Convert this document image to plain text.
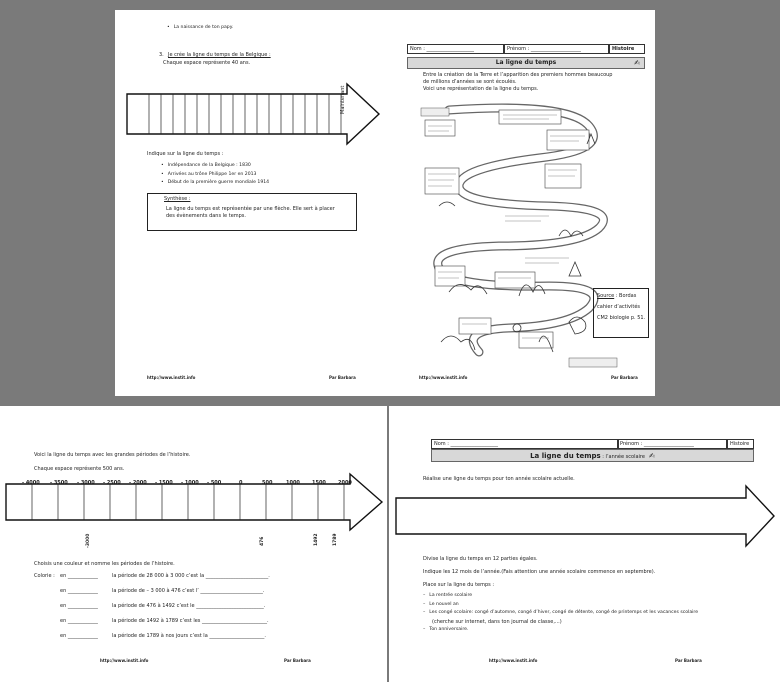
• La naissance de ton papy.
3. Je crée la ligne du temps de la Belgique :
Chaque espace représente 40 ans.
Maintenant
Indique sur la ligne du temps :
• Indépendance de la Belgique : 1830
• Arrivées au trône Philippe 1er en 2013
• Début de la première guerre mondiale 1914
Synthèse :
La ligne du temps est représentée par une flèche. Elle sert à placer
des évènements dans le temps.
http://www.instit.info	Par Barbara
Nom : ___________________	Prénom : ____________________	Histoire
La ligne du temps	✍
Entre la création de la Terre et l’apparition des premiers hommes beaucoup
de millions d’années se sont écoulés.
Voici une représentation de la ligne du temps.
Source : Bordas
cahier d’activités
CM2 biologie p. 51.
http://www.instit.info	Par Barbara
Voici la ligne du temps avec les grandes périodes de l’histoire.
Chaque espace représente 500 ans.
- 4000 - 3500 - 3000 - 2500 - 2000 - 1500 - 1000 - 500	0	500	1000 1500 2000
-3000	476	1492	1789
Choisis une couleur et nomme les périodes de l’histoire.
Colorie : en ____________	la période de 28 000 à 3 000 c’est la _________________________.
en ____________	la période de – 3 000 à 476 c’est l’ _________________________.
en ____________	la période de 476 à 1492 c’est le ___________________________.
en ____________	la période de 1492 à 1789 c’est les __________________________.
en ____________	la période de 1789 à nos jours c’est la ______________________.
http://www.instit.info	Par Barbara
Nom : ___________________	Prénom : ____________________	Histoire
La ligne du temps : l’année scolaire ✍
Réalise une ligne du temps pour ton année scolaire actuelle.
Divise la ligne du temps en 12 parties égales.
Indique les 12 mois de l’année.(Fais attention une année scolaire commence en septembre).
Place sur la ligne du temps :
– La rentrée scolaire
– Le nouvel an
– Les congé scolaire: congé d’automne, congé d’hiver, congé de détente, congé de printemps et les vacances scolaire
(cherche sur internet, dans ton journal de classe,...)
– Ton anniversaire.
http://www.instit.info	Par Barbara
